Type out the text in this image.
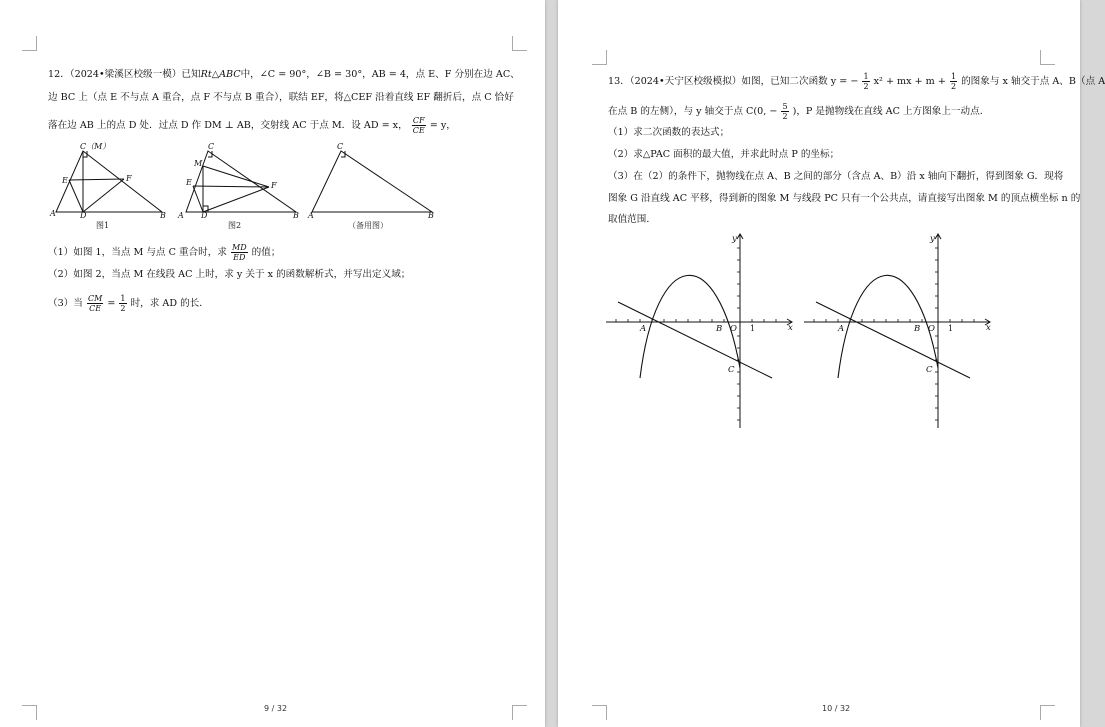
12．（2024•梁溪区校级一模）已知Rt△ABC中，∠C = 90°，∠B = 30°，AB = 4，点 E、F 分别在边 AC、
边 BC 上（点 E 不与点 A 重合，点 F 不与点 B 重合），联结 EF，将△CEF 沿着直线 EF 翻折后，点 C 恰好
落在边 AB 上的点 D 处．过点 D 作 DM ⊥ AB，交射线 AC 于点 M．设 AD = x， $\frac{CF}{CE} = y$，
C（M）
E	F
A	D	B
C
M
E	F
A D	B
C
A	B
图1	图2	（备用图）
（1）如图 1，当点 M 与点 C 重合时，求 $\frac{MD}{ED}$ 的值；
（2）如图 2，当点 M 在线段 AC 上时，求 y 关于 x 的函数解析式，并写出定义域；
（3）当 $\frac{CM}{CE} = \frac{1}{2}$ 时，求 AD 的长．
9 / 32
13．（2024•天宁区校级模拟）如图，已知二次函数 y = − $\frac{1}{2} x^2$ + mx + $m + \frac{1}{2}$ 的图象与 x 轴交于点 A、B（点 A
在点 B 的左侧），与 y 轴交于点 C(0, − $\frac{5}{2}$ )，P 是抛物线在直线 AC 上方图象上一动点．
（1）求二次函数的表达式；
（2）求△PAC 面积的最大值，并求此时点 P 的坐标；
（3）在（2）的条件下，抛物线在点 A、B 之间的部分（含点 A、B）沿 x 轴向下翻折，得到图象 G．现将
图象 G 沿直线 AC 平移，得到新的图象 M 与线段 PC 只有一个公共点，请直接写出图象 M 的顶点横坐标 n 的
取值范围．
y
x
A	B O
C
y
x
A	B O
C
1	1
10 / 32
